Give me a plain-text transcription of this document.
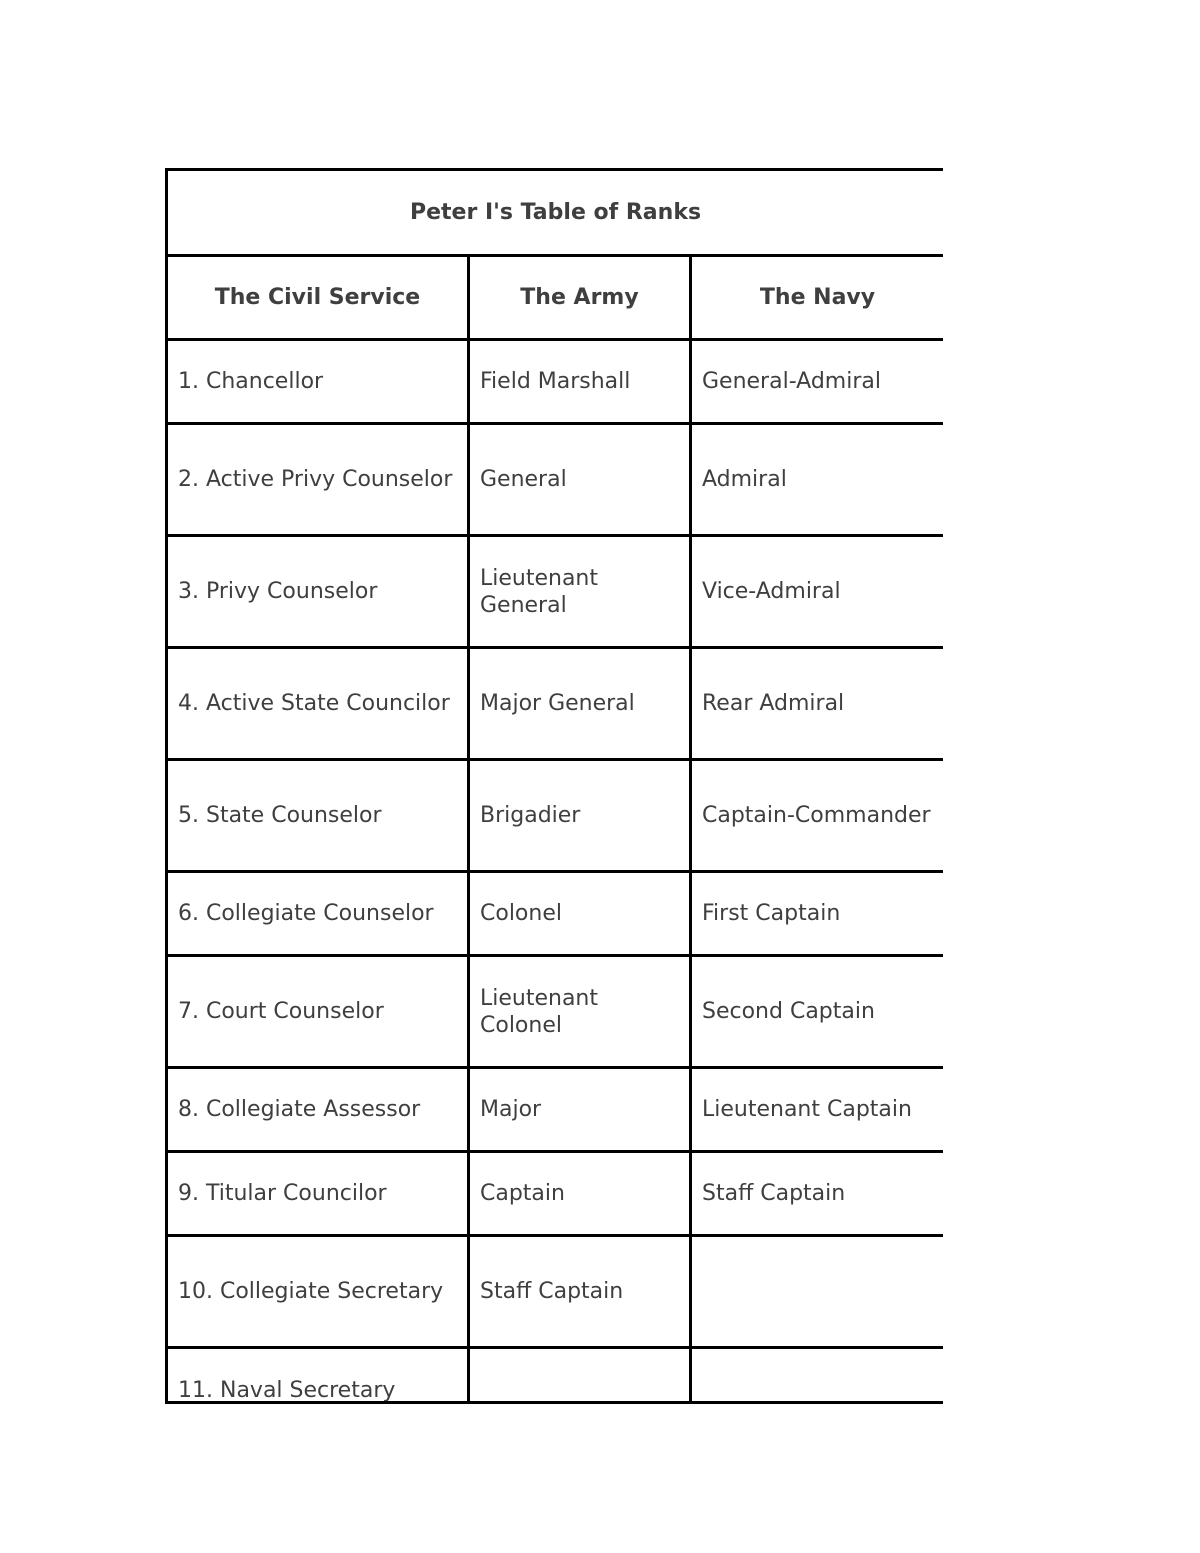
Peter I's Table of Ranks		
The Civil Service	The Army	The Navy
1. Chancellor	Field Marshall	General-Admiral
2. Active Privy Counselor	General	Admiral
3. Privy Counselor	Lieutenant General	Vice-Admiral
4. Active State Councilor	Major General	Rear Admiral
5. State Counselor	Brigadier	Captain-Commander
6. Collegiate Counselor	Colonel	First Captain
7. Court Counselor	Lieutenant Colonel	Second Captain
8. Collegiate Assessor	Major	Lieutenant Captain
9. Titular Councilor	Captain	Staff Captain
10. Collegiate Secretary	Staff Captain	
11. Naval Secretary		
